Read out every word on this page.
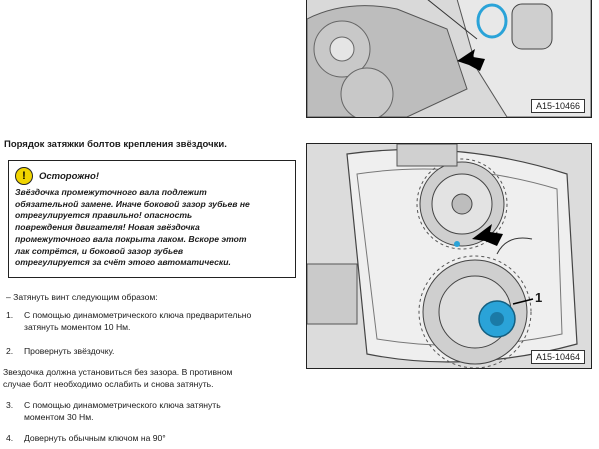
A15-10466
Порядок затяжки болтов крепления звёздочки.
!	Осторожно!
Звёздочка промежуточного вала подлежит
обязательной замене. Иначе боковой зазор зубьев не
отрегулируется правильно! опасность
повреждения двигателя! Новая звёздочка
промежуточного вала покрыта лаком. Вскоре этот
лак сотрётся, и боковой зазор зубьев
отрегулируется за счёт этого автоматически.
– Затянуть винт следующим образом:
1. С помощью динамометрического ключа предварительно
затянуть моментом 10 Нм.
2. Провернуть звёздочку.
Звездочка должна установиться без зазора. В противном
случае болт необходимо ослабить и снова затянуть.
3. С помощью динамометрического ключа затянуть
моментом 30 Нм.
4. Довернуть обычным ключом на 90°
1
A15-10464
